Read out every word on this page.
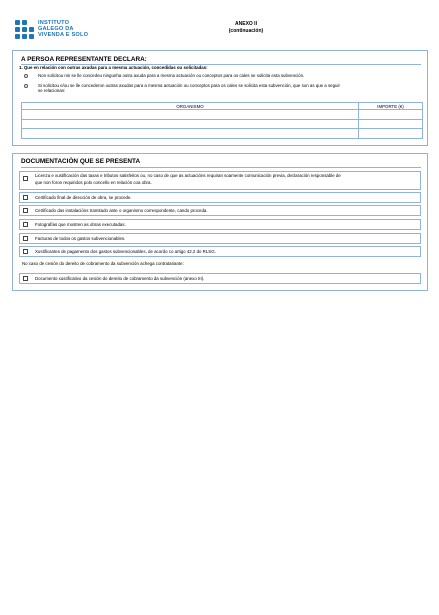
INSTITUTO
GALEGO DA
VIVENDA E SOLO
ANEXO II
(continuación)
A PERSOA REPRESENTANTE DECLARA:
1. Que en relación con outras axudas para a mesma actuación, concedidas ou solicitadas:
Non solicitou nin se lle concedeu ningunha outra axuda para a mesma actuación ou conceptos para os cales se solicita esta subvención.
Si solicitou e/ou se lle concederon outras axudas para a mesma actuación ou conceptos para os cales se solicita esta subvención, que son as que a seguir
se relacionan:
ORGANISMO	IMPORTE (€)

DOCUMENTACIÓN QUE SE PRESENTA
Licenza e xustificación das taxas e tributos satisfeitos ou, no caso de que as actuacións requiran soamente comunicación previa, declaración responsable de
que non foron requiridos polo concello en relación coa obra.
Certificado final de dirección de obra, se procede.
Certificado das instalacións tramitado ante o organismo correspondente, cando proceda.
Fotografías que mostren as obras executadas.
Facturas de todos os gastos subvencionables.
Xustificantes de pagamento dos gastos subvencionables, de acordo co artigo 42.2 do RLSG.
No caso de cesión do dereito de cobramento da subvención achega contratariante:
Documento xustificativo da cesión do dereito de cobramento da subvención (anexo III).
